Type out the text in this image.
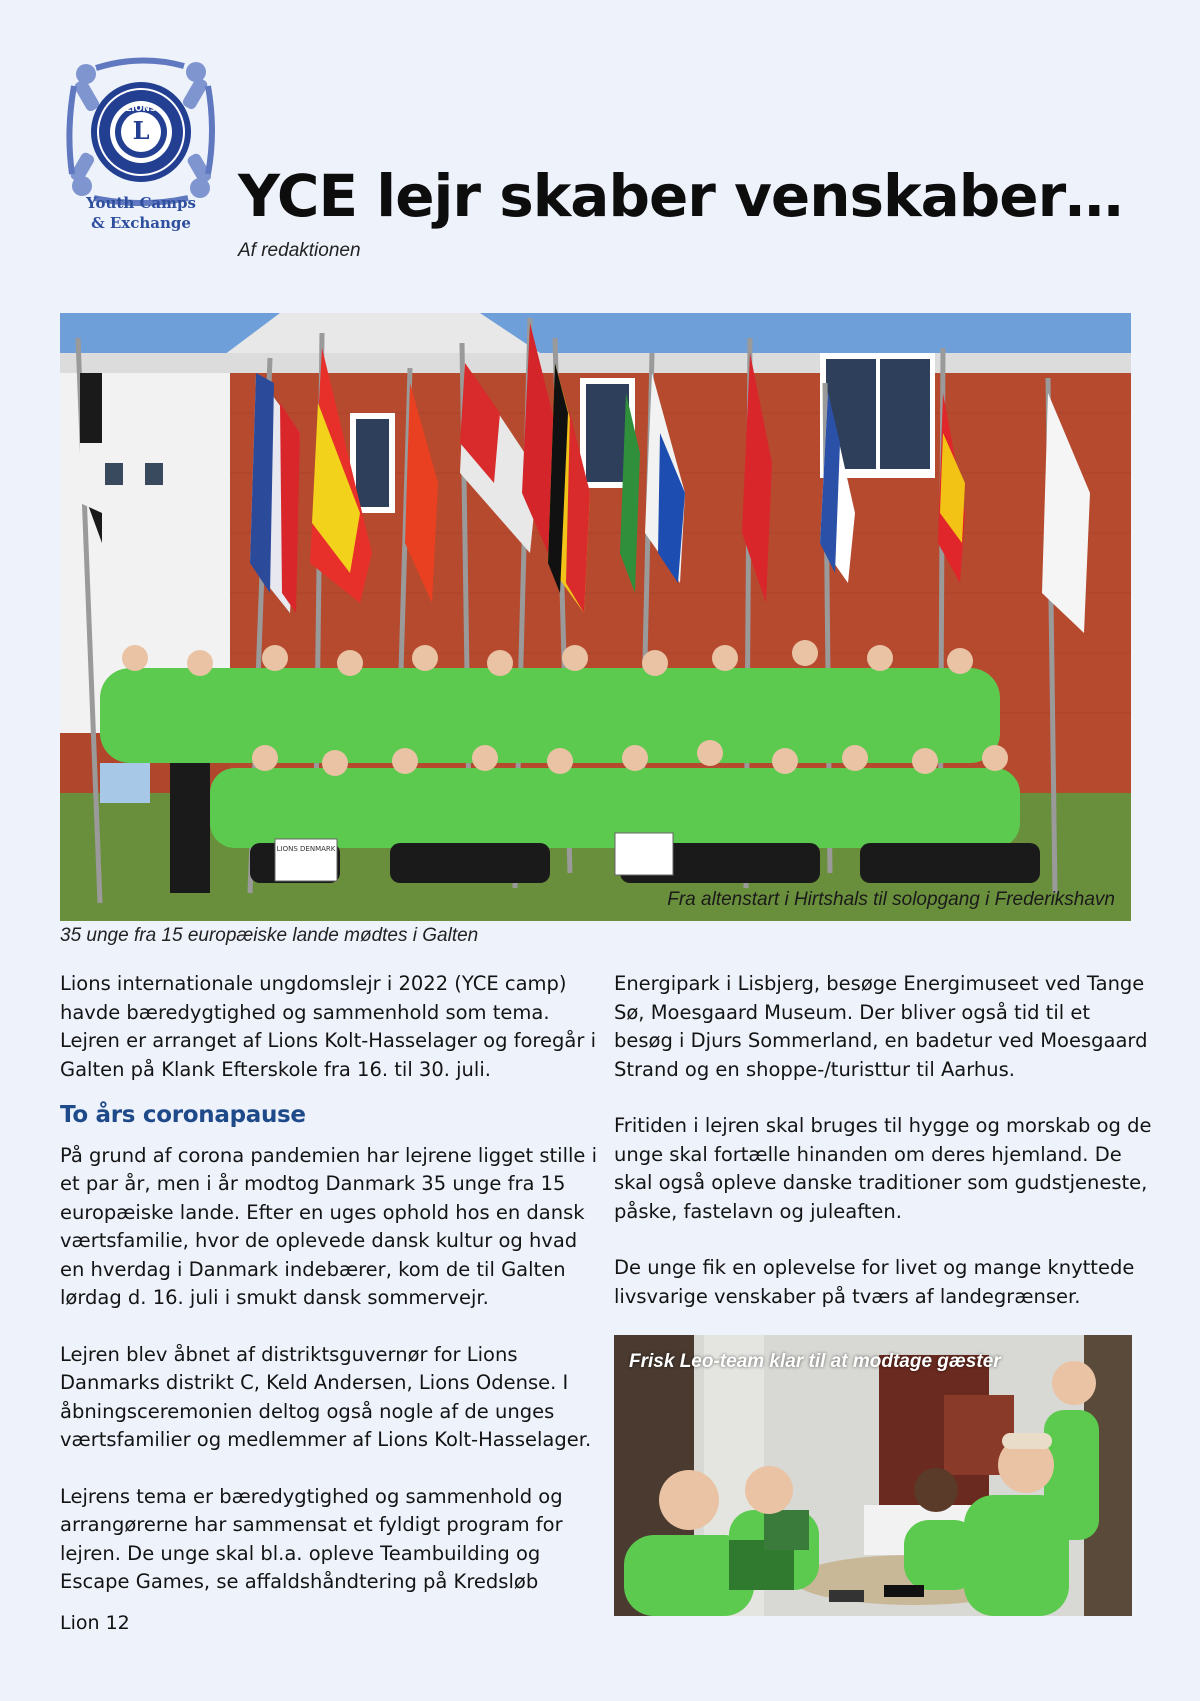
LIONS
L
Youth Camps
& Exchange YCE lejr skaber venskaber…
Af redaktionen
LIONS DENMARK
Fra altenstart i Hirtshals til solopgang i Frederikshavn
35 unge fra 15 europæiske lande mødtes i Galten

Lions internationale ungdomslejr i 2022 (YCE camp) havde bæredygtighed og sammenhold som tema. Lejren er arranget af Lions Kolt-Hasselager og foregår i Galten på Klank Efterskole fra 16. til 30. juli.

To års coronapause

På grund af corona pandemien har lejrene ligget stille i et par år, men i år modtog Danmark 35 unge fra 15 europæiske lande. Efter en uges ophold hos en dansk værtsfamilie, hvor de oplevede dansk kultur og hvad en hverdag i Danmark indebærer, kom de til Galten lørdag d. 16. juli i smukt dansk sommervejr.

Lejren blev åbnet af distriktsguvernør for Lions Danmarks distrikt C, Keld Andersen, Lions Odense. I åbningsceremonien deltog også nogle af de unges værtsfamilier og medlemmer af Lions Kolt-Hasselager.

Lejrens tema er bæredygtighed og sammenhold og arrangørerne har sammensat et fyldigt program for lejren. De unge skal bl.a. opleve Teambuilding og Escape Games, se affaldshåndtering på Kredsløb

Energipark i Lisbjerg, besøge Energimuseet ved Tange Sø, Moesgaard Museum. Der bliver også tid til et besøg i Djurs Sommerland, en badetur ved Moesgaard Strand og en shoppe-/turisttur til Aarhus.

Fritiden i lejren skal bruges til hygge og morskab og de unge skal fortælle hinanden om deres hjemland. De skal også opleve danske traditioner som gudstjeneste, påske, fastelavn og juleaften.

De unge fik en oplevelse for livet og mange knyttede livsvarige venskaber på tværs af landegrænser.

Frisk Leo-team klar til at modtage gæster
Lion 12
